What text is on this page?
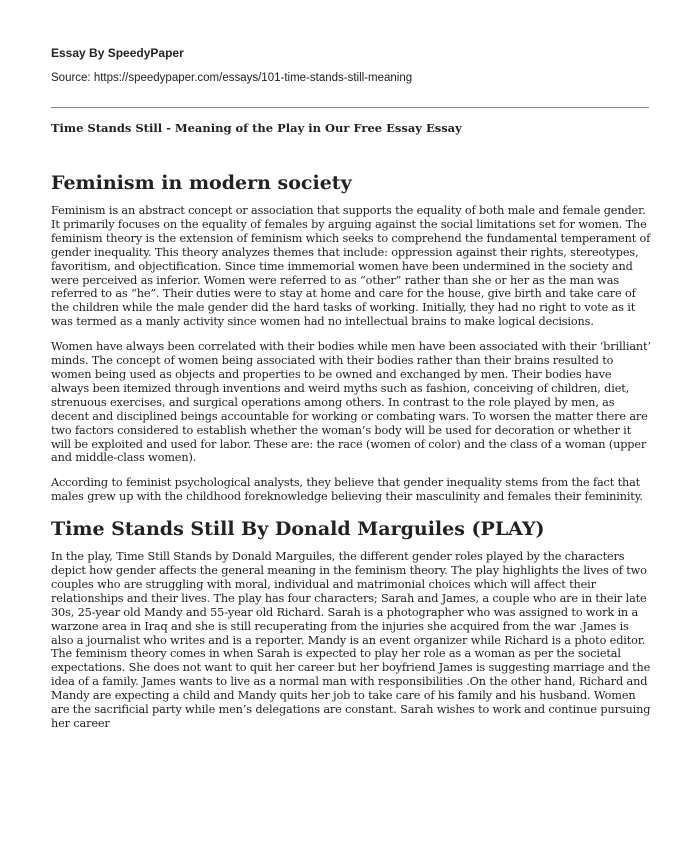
Essay By SpeedyPaper
Source: https://speedypaper.com/essays/101-time-stands-still-meaning
Time Stands Still - Meaning of the Play in Our Free Essay Essay
Feminism in modern society

Feminism is an abstract concept or association that supports the equality of both male and female gender. It primarily focuses on the equality of females by arguing against the social limitations set for women. The feminism theory is the extension of feminism which seeks to comprehend the fundamental temperament of gender inequality. This theory analyzes themes that include: oppression against their rights, stereotypes, favoritism, and objectification. Since time immemorial women have been undermined in the society and were perceived as inferior. Women were referred to as “other” rather than she or her as the man was referred to as “he”. Their duties were to stay at home and care for the house, give birth and take care of the children while the male gender did the hard tasks of working. Initially, they had no right to vote as it was termed as a manly activity since women had no intellectual brains to make logical decisions.

Women have always been correlated with their bodies while men have been associated with their ‘brilliant’ minds. The concept of women being associated with their bodies rather than their brains resulted to women being used as objects and properties to be owned and exchanged by men. Their bodies have always been itemized through inventions and weird myths such as fashion, conceiving of children, diet, strenuous exercises, and surgical operations among others. In contrast to the role played by men, as decent and disciplined beings accountable for working or combating wars. To worsen the matter there are two factors considered to establish whether the woman’s body will be used for decoration or whether it will be exploited and used for labor. These are: the race (women of color) and the class of a woman (upper and middle-class women).

According to feminist psychological analysts, they believe that gender inequality stems from the fact that males grew up with the childhood foreknowledge believing their masculinity and females their femininity.

Time Stands Still By Donald Marguiles (PLAY)

In the play, Time Still Stands by Donald Marguiles, the different gender roles played by the characters depict how gender affects the general meaning in the feminism theory. The play highlights the lives of two couples who are struggling with moral, individual and matrimonial choices which will affect their relationships and their lives. The play has four characters; Sarah and James, a couple who are in their late 30s, 25-year old Mandy and 55-year old Richard. Sarah is a photographer who was assigned to work in a warzone area in Iraq and she is still recuperating from the injuries she acquired from the war .James is also a journalist who writes and is a reporter. Mandy is an event organizer while Richard is a photo editor. The feminism theory comes in when Sarah is expected to play her role as a woman as per the societal expectations. She does not want to quit her career but her boyfriend James is suggesting marriage and the idea of a family. James wants to live as a normal man with responsibilities .On the other hand, Richard and Mandy are expecting a child and Mandy quits her job to take care of his family and his husband. Women are the sacrificial party while men’s delegations are constant. Sarah wishes to work and continue pursuing her career
